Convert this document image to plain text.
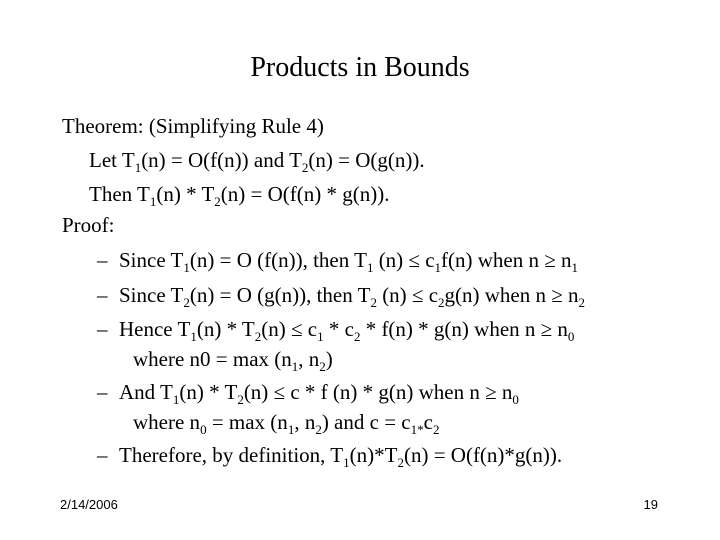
Products in Bounds
Theorem: (Simplifying Rule 4)
Let $T_1(n) = O(f(n))$ and $T_2(n) = O(g(n))$.
Then $T_1(n) * T_2(n) = O(f(n) * g(n))$.
Proof:
– Since $T_1(n) = O$ (f(n)), then $T_1$ $(n) \le c_1f(n)$ when $n \ge n_1$
– Since $T_2(n) = O$ (g(n)), then $T_2$ $(n) \le c_2g(n)$ when $n \ge n_2$
– Hence $T_1(n) * T_2(n) \le c_1 * c_2 * f(n) * g(n)$ when $n \ge n_0$
where $n0 = \max (n_1$, $n_2$)
– And $T_1(n) * T_2(n) \le c * f$ (n) * g(n) when $n \ge n_0$
where $n_0 = \max (n_1$, $n_2$) and $c = c_{1*}c_2$
– Therefore, by definition, $T_1(n)*T_2(n) = O(f(n)*g(n))$.
2/14/2006	19
